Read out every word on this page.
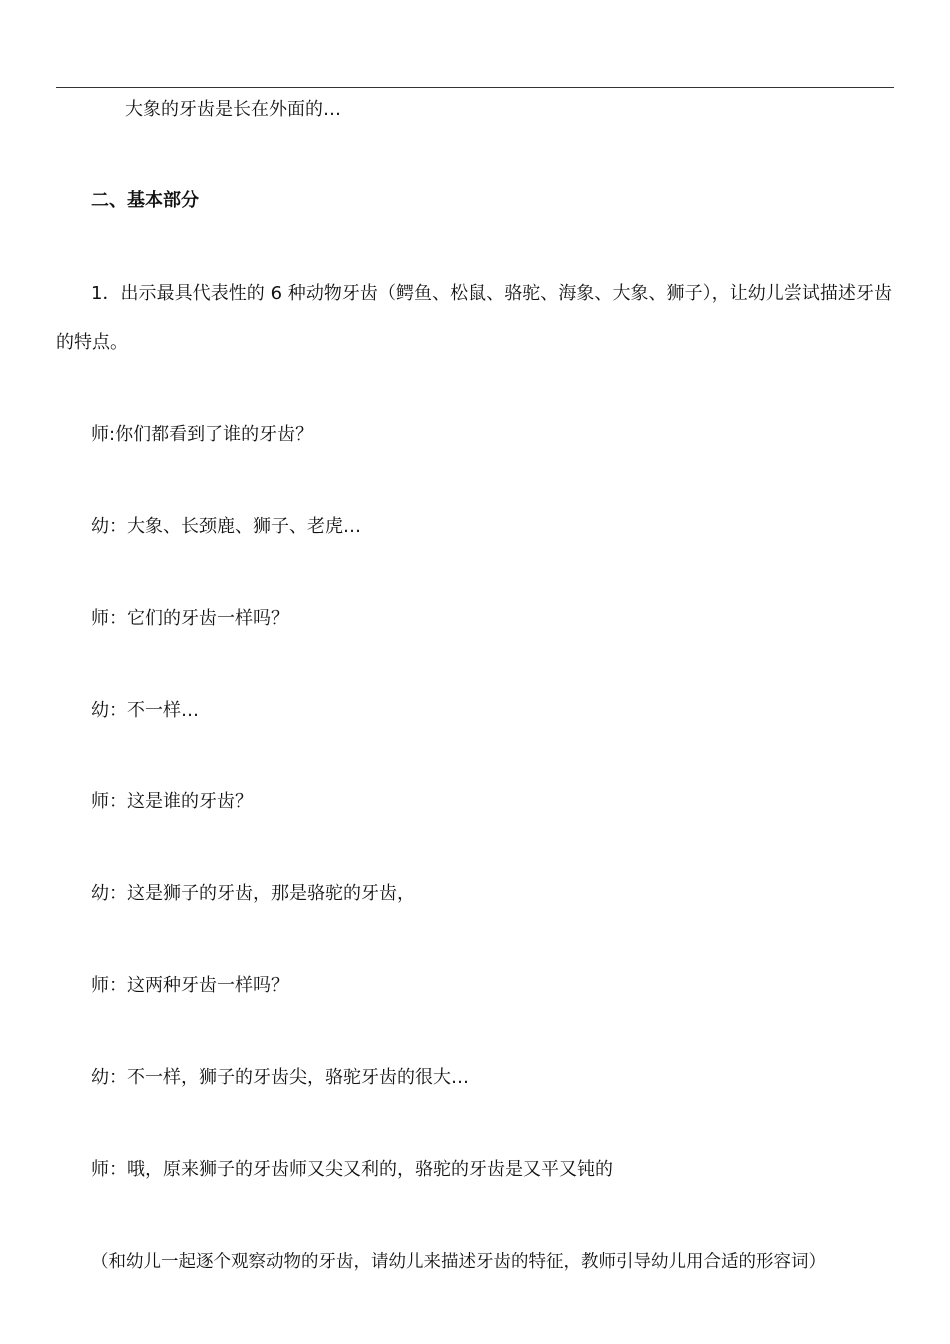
大象的牙齿是长在外面的…
二、基本部分
1．出示最具代表性的 6 种动物牙齿（鳄鱼、松鼠、骆驼、海象、大象、狮子），让幼儿尝试描述牙齿的特点。
师:你们都看到了谁的牙齿？
幼：大象、长颈鹿、狮子、老虎…
师：它们的牙齿一样吗？
幼：不一样…
师：这是谁的牙齿？
幼：这是狮子的牙齿，那是骆驼的牙齿，
师：这两种牙齿一样吗？
幼：不一样，狮子的牙齿尖，骆驼牙齿的很大…
师：哦，原来狮子的牙齿师又尖又利的，骆驼的牙齿是又平又钝的
（和幼儿一起逐个观察动物的牙齿，请幼儿来描述牙齿的特征，教师引导幼儿用合适的形容词）
